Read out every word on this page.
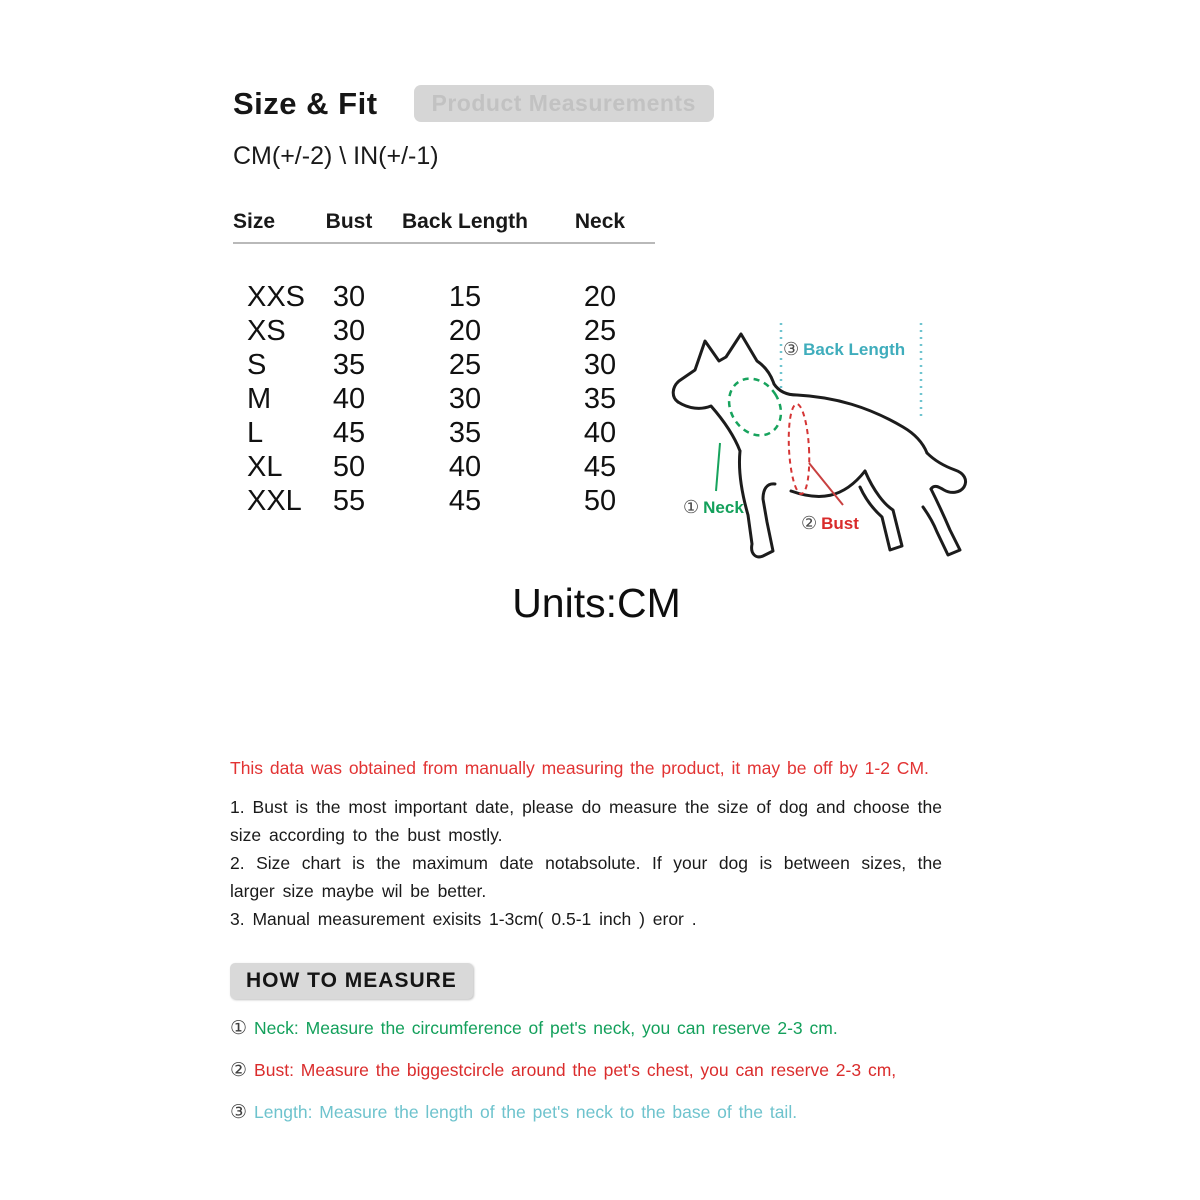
Size & Fit	Product Measurements
CM(+/-2) \ IN(+/-1)
Size	Bust	Back Length	Neck
XXS	30	15	20
XS	30	20	25
S	35	25	30
M	40	30	35
L	45	35	40
XL	50	40	45
XXL	55	45	50
③ Back Length
① Neck
② Bust
Units:CM

This data was obtained from manually measuring the product, it may be off by 1-2 CM.

1. Bust is the most important date, please do measure the size of dog and choose the size according to the bust mostly.

2. Size chart is the maximum date notabsolute. If your dog is between sizes, the larger size maybe wil be better.

3. Manual measurement exisits 1-3cm( 0.5-1 inch ) eror .

HOW TO MEASURE

① Neck: Measure the circumference of pet's neck, you can reserve 2-3 cm.

② Bust: Measure the biggestcircle around the pet's chest, you can reserve 2-3 cm,

③ Length: Measure the length of the pet's neck to the base of the tail.
